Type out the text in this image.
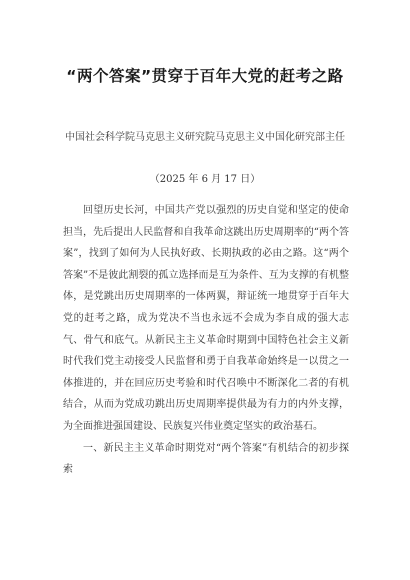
“两个答案”贯穿于百年大党的赶考之路
中国社会科学院马克思主义研究院马克思主义中国化研究部主任
（2025 年 6 月 17 日）

回望历史长河，中国共产党以强烈的历史自觉和坚定的使命担当，先后提出人民监督和自我革命这跳出历史周期率的“两个答案”，找到了如何为人民执好政、长期执政的必由之路。这“两个答案”不是彼此割裂的孤立选择而是互为条件、互为支撑的有机整体，是党跳出历史周期率的一体两翼，辩证统一地贯穿于百年大党的赶考之路，成为党决不当也永远不会成为李自成的强大志气、骨气和底气。从新民主主义革命时期到中国特色社会主义新时代我们党主动接受人民监督和勇于自我革命始终是一以贯之一体推进的，并在回应历史考验和时代召唤中不断深化二者的有机结合，从而为党成功跳出历史周期率提供最为有力的内外支撑，为全面推进强国建设、民族复兴伟业奠定坚实的政治基石。

一、新民主主义革命时期党对“两个答案”有机结合的初步探索
